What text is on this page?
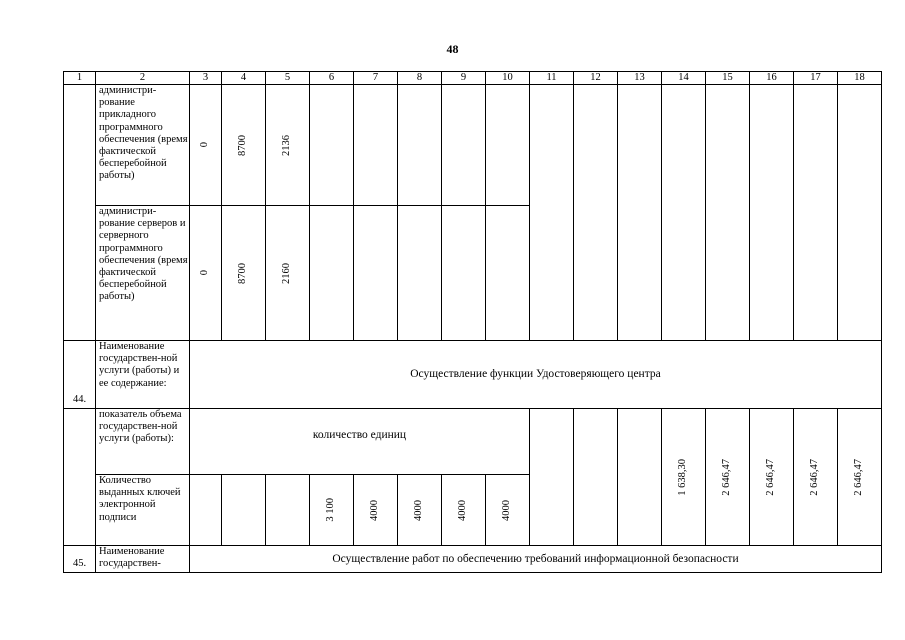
48
1	2	3	4	5	6	7	8	9	10	11	12	13	14	15	16	17	18
	администри-рование прикладного программного обеспечения (время фактической бесперебойной работы)	0	8700	2136													

	администри-рование серверов и серверного программного обеспечения (время фактической бесперебойной работы)	0	8700	2160													

44.	Наименование государствен-ной услуги (работы) и ее содержание:	Осуществление функции Удостоверяющего центра															
	показатель объема государствен-ной услуги (работы):	количество единиц											1 638,30	2 646,47	2 646,47	2 646,47	2 646,47

	Количество выданных ключей электронной подписи				3 100	4000	4000	4000	4000								

45.	Наименование государствен-	Осуществление работ по обеспечению требований информационной безопасности															
